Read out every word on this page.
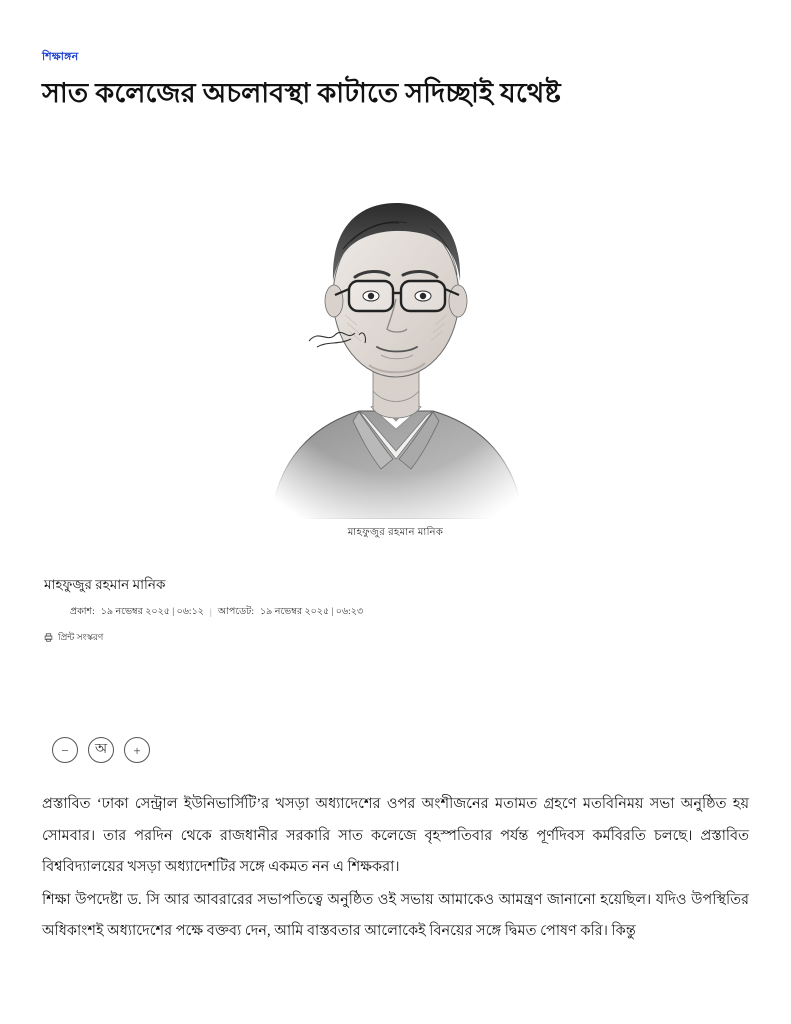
শিক্ষাঙ্গন
সাত কলেজের অচলাবস্থা কাটাতে সদিচ্ছাই যথেষ্ট
মাহফুজুর রহমান মানিক
মাহফুজুর রহমান মানিক
প্রকাশ: ১৯ নভেম্বর ২০২৫ | ০৬:১২ | আপডেট: ১৯ নভেম্বর ২০২৫ | ০৬:২৩
প্রিন্ট সংস্করণ
−	অ	+

প্রস্তাবিত ‘ঢাকা সেন্ট্রাল ইউনিভার্সিটি’র খসড়া অধ্যাদেশের ওপর অংশীজনের মতামত গ্রহণে মতবিনিময় সভা অনুষ্ঠিত হয় সোমবার। তার পরদিন থেকে রাজধানীর সরকারি সাত কলেজে বৃহস্পতিবার পর্যন্ত পূর্ণদিবস কর্মবিরতি চলছে। প্রস্তাবিত বিশ্ববিদ্যালয়ের খসড়া অধ্যাদেশটির সঙ্গে একমত নন এ শিক্ষকরা।

শিক্ষা উপদেষ্টা ড. সি আর আবরারের সভাপতিত্বে অনুষ্ঠিত ওই সভায় আমাকেও আমন্ত্রণ জানানো হয়েছিল। যদিও উপস্থিতির অধিকাংশই অধ্যাদেশের পক্ষে বক্তব্য দেন, আমি বাস্তবতার আলোকেই বিনয়ের সঙ্গে দ্বিমত পোষণ করি। কিন্তু
